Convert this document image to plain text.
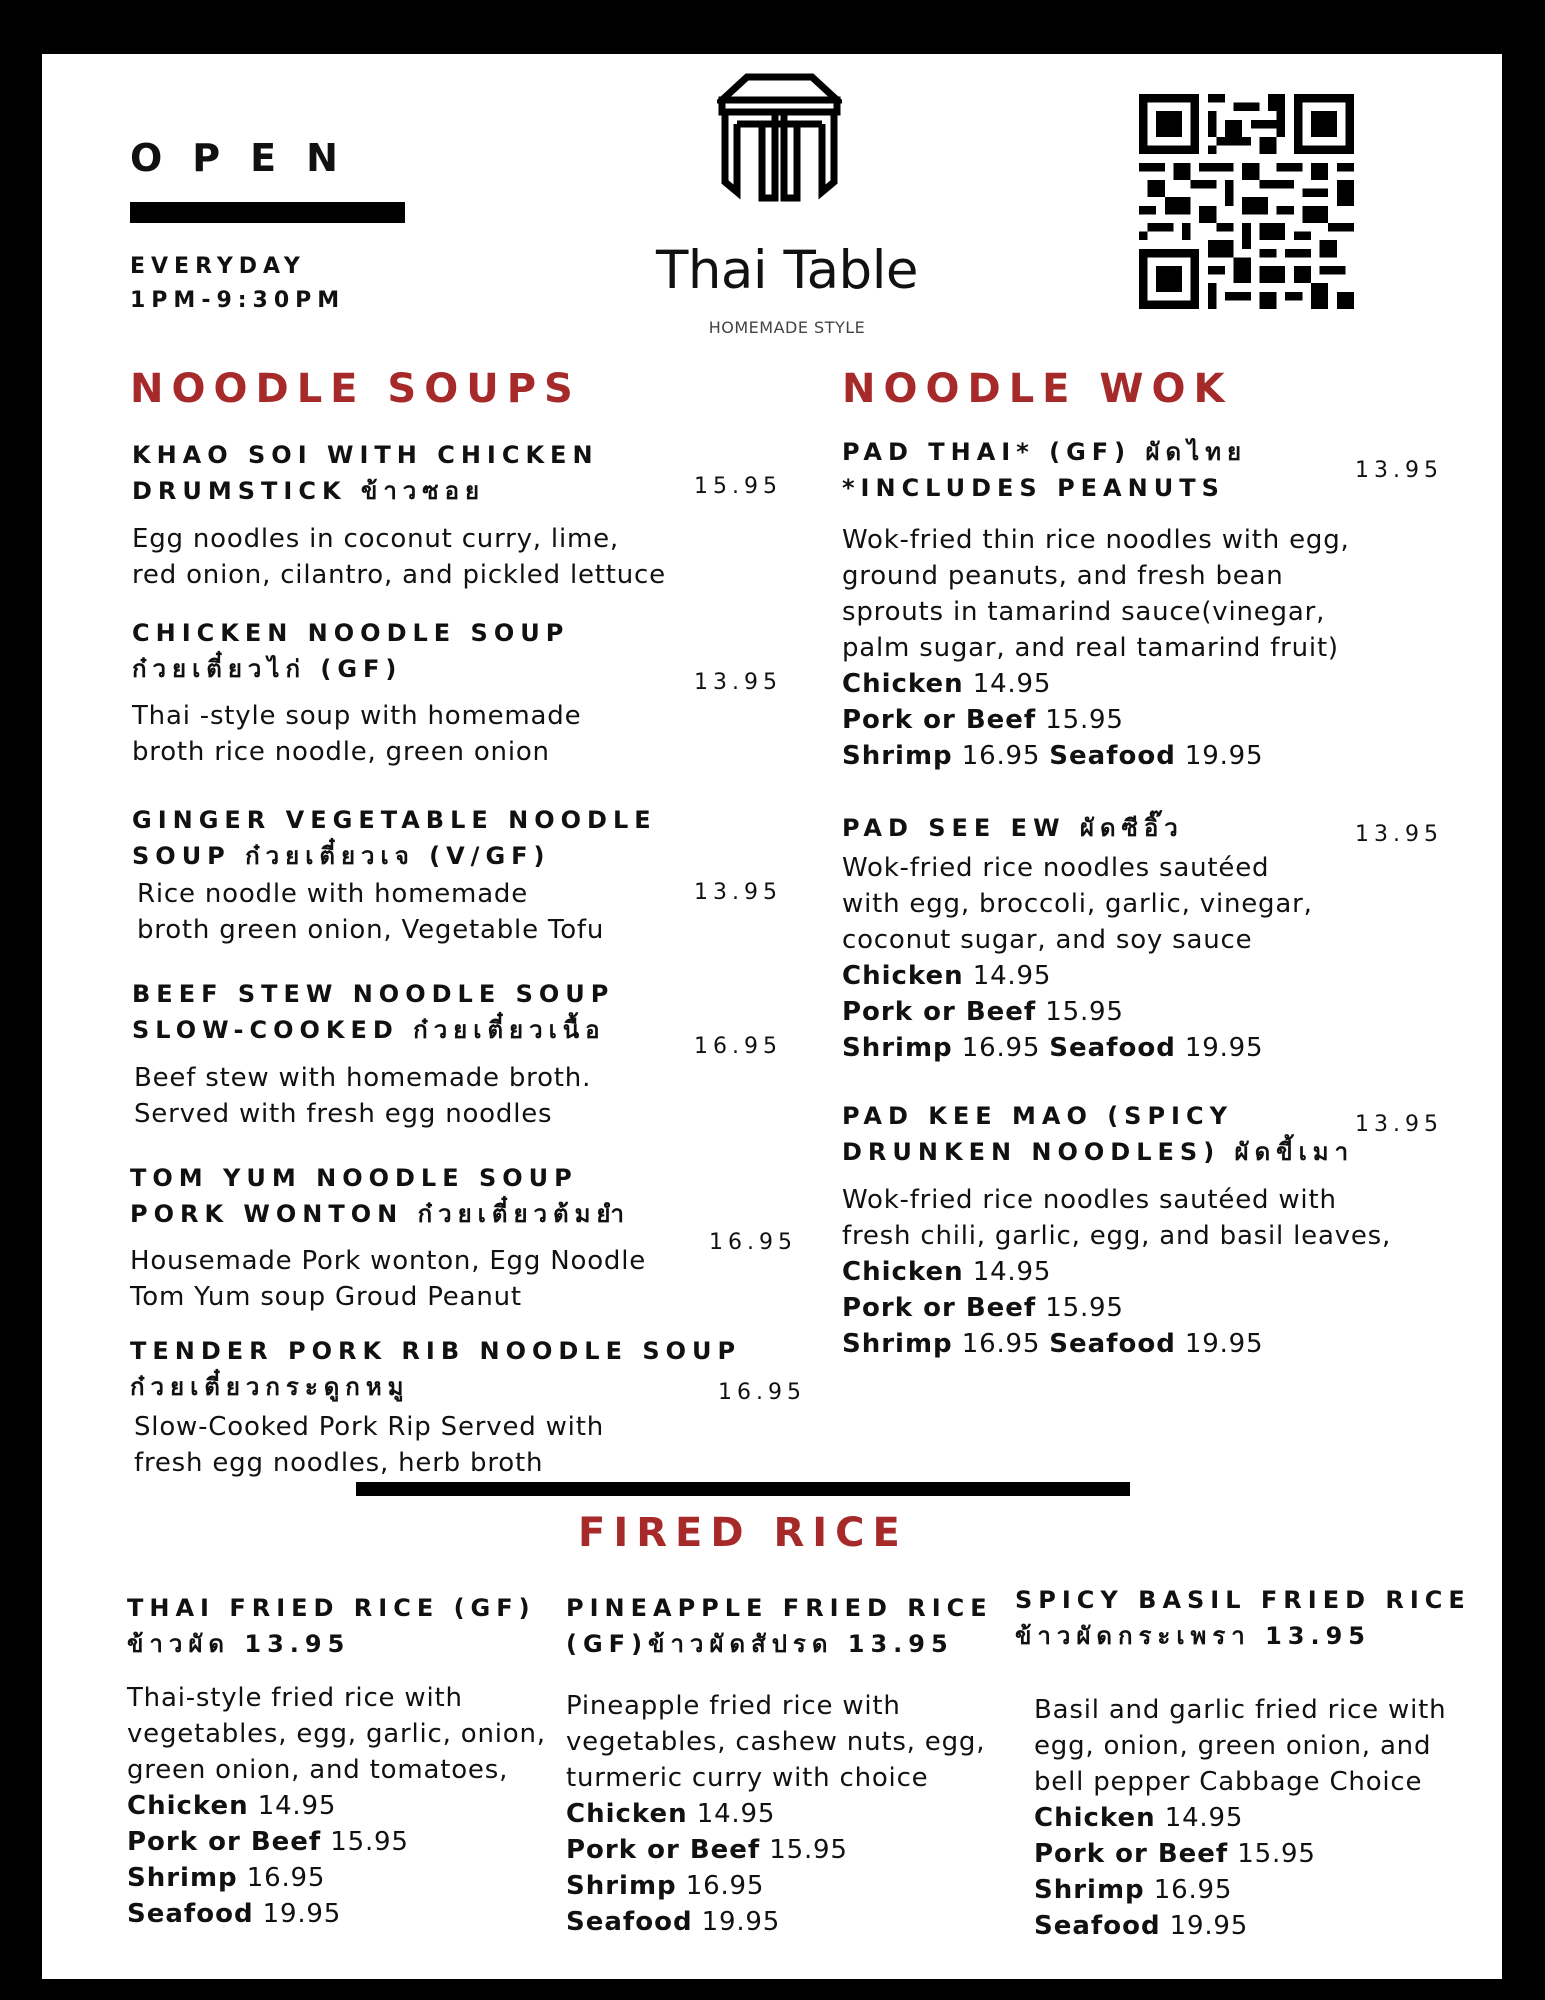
OPEN
EVERYDAY
1PM-9:30PM	Thai Table
HOMEMADE STYLE
NOODLE SOUPS
KHAO SOI WITH CHICKEN
DRUMSTICK ข้าวซอย	15.95
Egg noodles in coconut curry, lime,
red onion, cilantro, and pickled lettuce
CHICKEN NOODLE SOUP
ก๋วยเตี๋ยวไก่ (GF)	13.95
Thai -style soup with homemade
broth rice noodle, green onion
GINGER VEGETABLE NOODLE
SOUP ก๋วยเตี๋ยวเจ (V/GF)
13.95
Rice noodle with homemade
broth green onion, Vegetable Tofu
BEEF STEW NOODLE SOUP
SLOW-COOKED ก๋วยเตี๋ยวเนื้อ
16.95
Beef stew with homemade broth.
Served with fresh egg noodles
TOM YUM NOODLE SOUP
PORK WONTON ก๋วยเตี๋ยวต้มยำ
16.95
Housemade Pork wonton, Egg Noodle
Tom Yum soup Groud Peanut
TENDER PORK RIB NOODLE SOUP
ก๋วยเตี๋ยวกระดูกหมู	16.95
Slow-Cooked Pork Rip Served with
fresh egg noodles, herb broth
NOODLE WOK
PAD THAI* (GF) ผัดไทย
*INCLUDES PEANUTS
13.95
Wok-fried thin rice noodles with egg,
ground peanuts, and fresh bean
sprouts in tamarind sauce(vinegar,
palm sugar, and real tamarind fruit)
Chicken 14.95
Pork or Beef 15.95
Shrimp 16.95 Seafood 19.95
PAD SEE EW ผัดซีอิ๊ว	13.95
Wok-fried rice noodles sautéed
with egg, broccoli, garlic, vinegar,
coconut sugar, and soy sauce
Chicken 14.95
Pork or Beef 15.95
Shrimp 16.95 Seafood 19.95
PAD KEE MAO (SPICY
DRUNKEN NOODLES) ผัดขี้เมา
13.95
Wok-fried rice noodles sautéed with
fresh chili, garlic, egg, and basil leaves,
Chicken 14.95
Pork or Beef 15.95
Shrimp 16.95 Seafood 19.95
FIRED RICE
THAI FRIED RICE (GF)
ข้าวผัด 13.95
Thai-style fried rice with
vegetables, egg, garlic, onion,
green onion, and tomatoes,
Chicken 14.95
Pork or Beef 15.95
Shrimp 16.95
Seafood 19.95
PINEAPPLE FRIED RICE
(GF)ข้าวผัดสัปรด 13.95
Pineapple fried rice with
vegetables, cashew nuts, egg,
turmeric curry with choice
Chicken 14.95
Pork or Beef 15.95
Shrimp 16.95
Seafood 19.95
SPICY BASIL FRIED RICE
ข้าวผัดกระเพรา 13.95
Basil and garlic fried rice with
egg, onion, green onion, and
bell pepper Cabbage Choice
Chicken 14.95
Pork or Beef 15.95
Shrimp 16.95
Seafood 19.95
